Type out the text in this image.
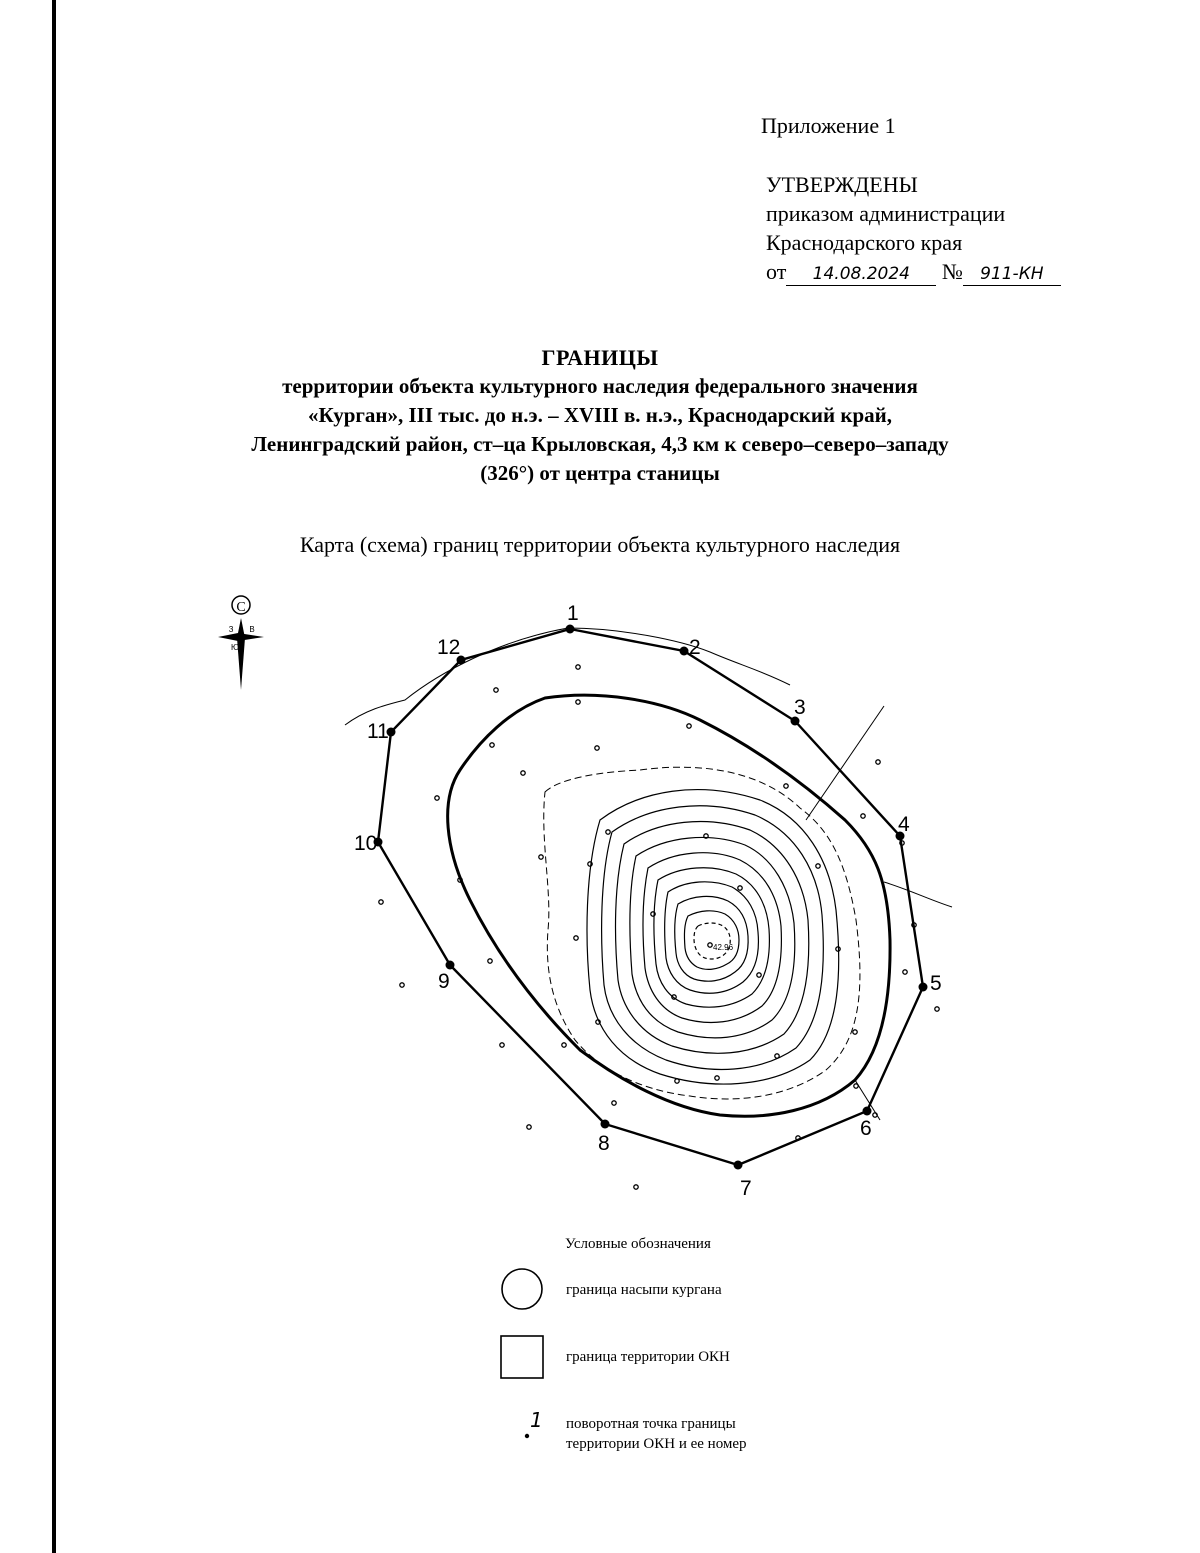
Приложение 1
УТВЕРЖДЕНЫ
приказом администрации
Краснодарского края
от 14.08.2024 № 911-КН
ГРАНИЦЫ
территории объекта культурного наследия федерального значения
«Курган», III тыс. до н.э. – XVIII в. н.э., Краснодарский край,
Ленинградский район, ст–ца Крыловская, 4,3 км к северо–северо–западу
(326°) от центра станицы
Карта (схема) границ территории объекта культурного наследия
С
З В
Ю
1
2
3
4
5
6
7
8
9
10
11
12
42.96
1
Условные обозначения
граница насыпи кургана
граница территории ОКН
поворотная точка границы
территории ОКН и ее номер
